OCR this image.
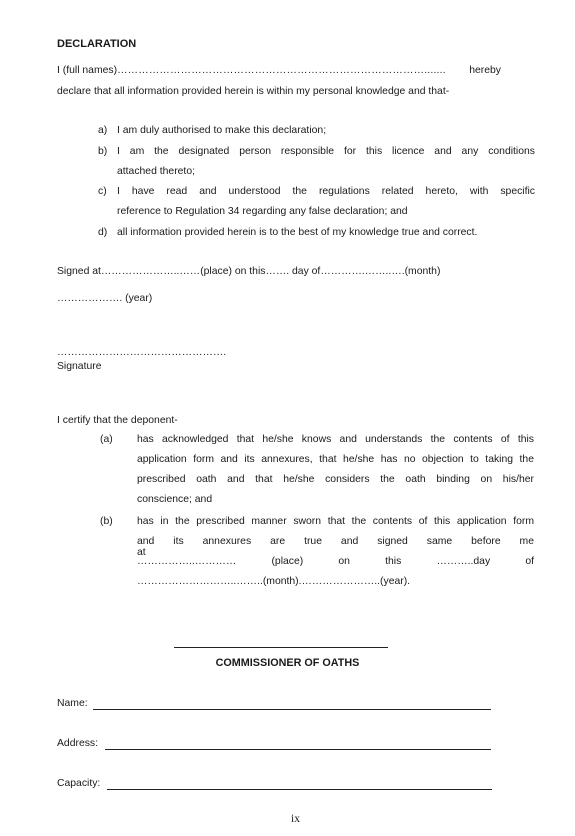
DECLARATION
I (full names) …………………………………………………………………………….......	hereby
declare that all information provided herein is within my personal knowledge and that-
a) I am duly authorised to make this declaration;
b) I am the designated person responsible for this licence and any conditions
attached thereto;
c) I have read and understood the regulations related hereto, with specific
reference to Regulation 34 regarding any false declaration; and
d) all information provided herein is to the best of my knowledge true and correct.
Signed at…………………..……(place) on this……. day of………….……..….(month)
………………. (year)
………………………………………….
Signature
I certify that the deponent-
(a) has acknowledged that he/she knows and understands the contents of this
application form and its annexures, that he/she has no objection to taking the
prescribed oath and that he/she considers the oath binding on his/her
conscience; and
(b) has in the prescribed manner sworn that the contents of this application form
and its annexures are true and signed same before me at
……………..………… (place) on this ………..day of
………………………..……..(month).…………………..(year).
COMMISSIONER OF OATHS
Name:
Address:
Capacity:
ix
